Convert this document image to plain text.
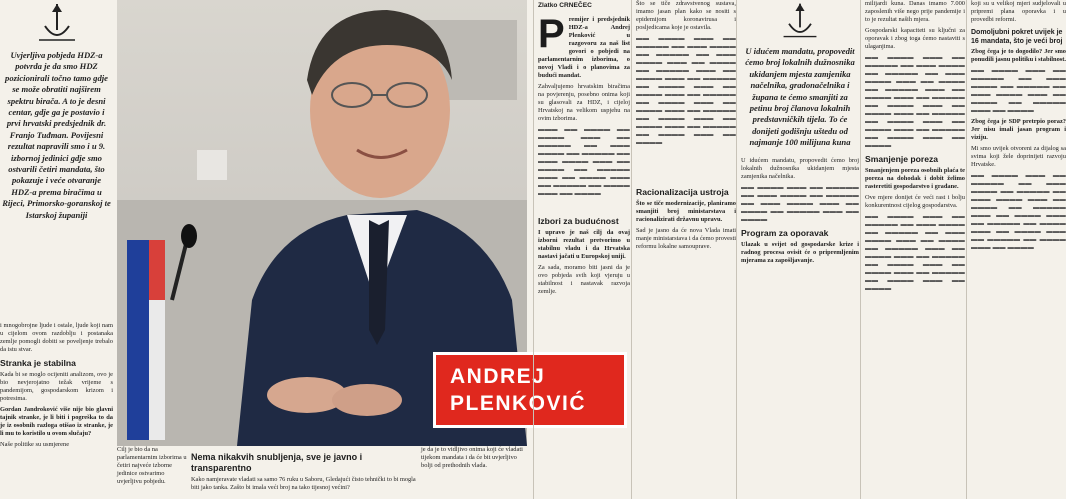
Uvjerljiva pobjeda HDZ-a potvrda je da smo HDZ pozicionirali točno tamo gdje se može obratiti najširem spektru birača. A to je desni centar, gdje ga je postavio i prvi hrvatski predsjednik dr. Franjo Tuđman. Povijesni rezultat napravili smo i u 9. izbornoj jedinici gdje smo ostvarili četiri mandata, što pokazuje i veće otvaranje HDZ-a prema biračima u Rijeci, Primorsko-goranskoj te Istarskoj županiji

i mnogobrojne ljude i ostale, ljude koji nam u cijelom ovom razdoblju i postanaka zemlje pomogli dobiti se poveljenje trebalo da istu stvar.

Stranka je stabilna

Kada bi se moglo ocijeniti analizom, ovo je bio nevjerojatno težak vrijeme s pandemijom, gospodarskom krizom i potresima.

Gordan Jandroković više nije bio glavni tajnik stranke, je li biti i pogreška to da je iz osobnih razloga otišao iz stranke, je li mu to koristilo u ovom slučaju?

Naše politike su usmjerene

ANDREJ
PLENKOVIĆ
Cilj je bio da na parlamentarnim izborima u četiri najveće izborne jedinice ostvarimo uvjerljivu pobjedu.
Nema nikakvih snubljenja, sve je javno i transparentno
Kako namjeravate vladati sa samo 76 ruku u Saboru, Gledajući čisto tehnički to bi mogla biti jako tanka. Zašto bi imala veći broj na tako tijesnoj većini?
je da je to vidljivo onima koji će vladati tijekom mandata i da će bit uvjerljivo bolji od prethodnih vlada.
Zlatko CRNEČEC
P remijer i predsjednik HDZ-a Andrej Plenković u razgovoru za naš list govori o pobjedi na parlamentarnim izborima, o novoj Vladi i o planovima za budući mandat.

Zahvaljujemo hrvatskim biračima na povjerenju, posebno onima koji su glasovali za HDZ, i cijeloj Hrvatskoj na velikom uspjehu na ovim izborima.

▬▬▬ ▬▬ ▬▬▬▬ ▬▬ ▬▬▬▬ ▬▬▬ ▬▬ ▬▬▬▬▬ ▬▬ ▬▬▬ ▬▬▬▬ ▬▬ ▬▬▬▬▬ ▬▬ ▬▬▬ ▬▬▬▬ ▬▬▬ ▬▬ ▬▬▬▬ ▬▬ ▬▬▬▬▬ ▬▬▬ ▬▬ ▬▬▬▬ ▬▬▬ ▬▬ ▬▬▬▬▬ ▬▬ ▬▬▬▬ ▬▬▬ ▬▬ ▬▬▬▬

Izbori za budućnost

I upravo je naš cilj da ovaj izborni rezultat pretvorimo u stabilnu vladu i da Hrvatska nastavi jačati u Europskoj uniji.

Za sada, moramo biti jasni da je ovo pobjeda svih koji vjeruju u stabilnost i nastavak razvoja zemlje.

Što se tiče zdravstvenog sustava, imamo jasan plan kako se nositi s epidemijom koronavirusa i posljedicama koje je ostavila.

▬▬ ▬▬▬▬ ▬▬▬ ▬▬ ▬▬▬▬▬ ▬▬ ▬▬▬ ▬▬▬▬ ▬▬ ▬▬▬▬▬ ▬▬ ▬▬▬ ▬▬▬▬ ▬▬▬ ▬▬ ▬▬▬▬ ▬▬ ▬▬▬▬▬ ▬▬▬ ▬▬ ▬▬▬▬ ▬▬▬ ▬▬ ▬▬▬▬▬ ▬▬ ▬▬▬▬ ▬▬▬ ▬▬ ▬▬▬▬ ▬▬▬ ▬▬ ▬▬▬▬▬ ▬▬ ▬▬▬▬ ▬▬▬ ▬▬ ▬▬▬▬ ▬▬▬ ▬▬ ▬▬▬▬▬ ▬▬ ▬▬▬▬ ▬▬▬ ▬▬ ▬▬▬▬ ▬▬▬ ▬▬ ▬▬▬▬▬ ▬▬ ▬▬▬▬ ▬▬▬ ▬▬ ▬▬▬▬

Racionalizacija ustroja

Što se tiče modernizacije, planiramo smanjiti broj ministarstava i racionalizirati državnu upravu.

Sad je jasno da će nova Vlada imati manje ministarstava i da ćemo provesti reformu lokalne samouprave.

U idućem mandatu, propovedit ćemo broj lokalnih dužnosnika ukidanjem mjesta zamjenika načelnika, gradonačelnika i župana te ćemo smanjiti za petinu broj članova lokalnih predstavničkih tijela. To će donijeti godišnju uštedu od najmanje 100 milijuna kuna

U idućem mandatu, propovedit ćemo broj lokalnih dužnosnika ukidanjem mjesta zamjenika načelnika.

▬▬ ▬▬▬▬ ▬▬▬ ▬▬ ▬▬▬▬▬ ▬▬ ▬▬▬ ▬▬▬▬ ▬▬ ▬▬▬▬▬ ▬▬ ▬▬▬ ▬▬▬▬ ▬▬▬ ▬▬ ▬▬▬▬ ▬▬ ▬▬▬▬▬ ▬▬▬ ▬▬ ▬▬▬▬

Program za oporavak

Ulazak u svijet od gospodarske krize i radnog procesa ovisit će o pripremljenim mjerama za zapošljavanje.

milijardi kuna. Danas imamo 7.000 zaposlenih više nego prije pandemije i to je rezultat naših mjera.

Gospodarski kapaciteti su ključni za oporavak i zbog toga ćemo nastaviti s ulaganjima.

▬▬ ▬▬▬▬ ▬▬▬ ▬▬ ▬▬▬▬▬ ▬▬ ▬▬▬ ▬▬▬▬ ▬▬ ▬▬▬▬▬ ▬▬ ▬▬▬ ▬▬▬▬ ▬▬▬ ▬▬ ▬▬▬▬ ▬▬ ▬▬▬▬▬ ▬▬▬ ▬▬ ▬▬▬▬ ▬▬▬ ▬▬ ▬▬▬▬▬ ▬▬ ▬▬▬▬ ▬▬▬ ▬▬ ▬▬▬▬ ▬▬▬ ▬▬ ▬▬▬▬▬ ▬▬ ▬▬▬▬ ▬▬▬ ▬▬ ▬▬▬▬ ▬▬▬ ▬▬ ▬▬▬▬▬ ▬▬ ▬▬▬▬ ▬▬▬ ▬▬ ▬▬▬▬

Smanjenje poreza

Smanjenjem poreza osobnih plaća te poreza na dohodak i dobit želimo rasteretiti gospodarstvo i građane.

Ove mjere donijet će veći rast i bolju konkurentnost cijelog gospodarstva.

▬▬ ▬▬▬▬ ▬▬▬ ▬▬ ▬▬▬▬▬ ▬▬ ▬▬▬ ▬▬▬▬ ▬▬ ▬▬▬▬▬ ▬▬ ▬▬▬ ▬▬▬▬ ▬▬▬ ▬▬ ▬▬▬▬ ▬▬ ▬▬▬▬▬ ▬▬▬ ▬▬ ▬▬▬▬ ▬▬▬ ▬▬ ▬▬▬▬▬ ▬▬ ▬▬▬▬ ▬▬▬ ▬▬ ▬▬▬▬ ▬▬▬ ▬▬ ▬▬▬▬▬ ▬▬ ▬▬▬▬ ▬▬▬ ▬▬ ▬▬▬▬

koji su u velikoj mjeri sudjelovali u pripremi plana oporavka i u provedbi reformi.

Domoljubni pokret uvijek je 16 mandata, što je veći broj

Zbog čega je to dogodilo? Jer smo ponudili jasnu politiku i stabilnost.

▬▬ ▬▬▬▬ ▬▬▬ ▬▬ ▬▬▬▬▬ ▬▬ ▬▬▬ ▬▬▬▬ ▬▬ ▬▬▬▬▬ ▬▬ ▬▬▬ ▬▬▬▬ ▬▬▬ ▬▬ ▬▬▬▬ ▬▬ ▬▬▬▬▬ ▬▬▬ ▬▬ ▬▬▬▬

Zbog čega je SDP pretrpio poraz? Jer nisu imali jasan program i viziju.

Mi smo uvijek otvoreni za dijalog sa svima koji žele doprinijeti razvoju Hrvatske.

▬▬ ▬▬▬▬ ▬▬▬ ▬▬ ▬▬▬▬▬ ▬▬ ▬▬▬ ▬▬▬▬ ▬▬ ▬▬▬▬▬ ▬▬ ▬▬▬ ▬▬▬▬ ▬▬▬ ▬▬ ▬▬▬▬ ▬▬ ▬▬▬▬▬ ▬▬▬ ▬▬ ▬▬▬▬ ▬▬▬ ▬▬ ▬▬▬▬▬ ▬▬ ▬▬▬▬ ▬▬▬ ▬▬ ▬▬▬▬ ▬▬▬ ▬▬ ▬▬▬▬▬ ▬▬ ▬▬▬▬ ▬▬▬ ▬▬ ▬▬▬▬
